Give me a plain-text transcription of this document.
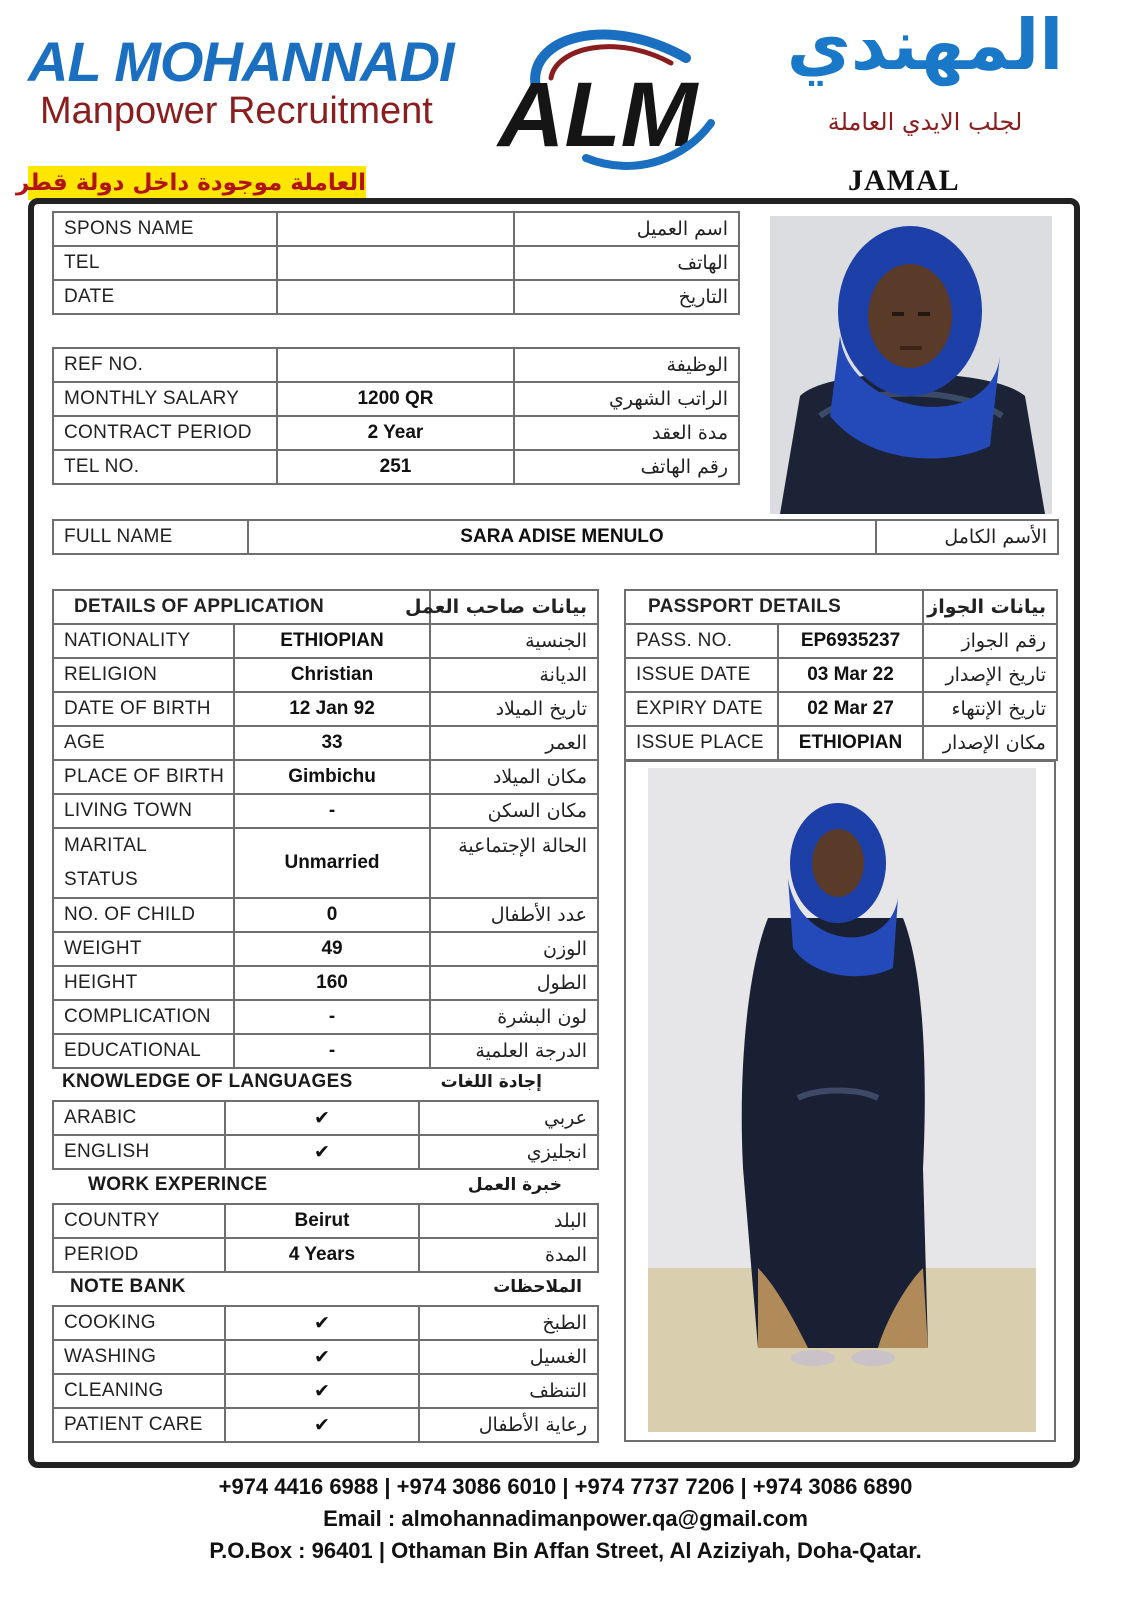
AL MOHANNADI
Manpower Recruitment ALM
المهندي
لجلب الايدي العاملة
العاملة موجودة داخل دولة قطر	JAMAL
SPONS NAME		اسم العميل
TEL		الهاتف
DATE		التاريخ
REF NO.		الوظيفة
MONTHLY SALARY	1200 QR	الراتب الشهري
CONTRACT PERIOD	2 Year	مدة العقد
TEL NO.	251	رقم الهاتف
FULL NAME	SARA ADISE MENULO	الأسم الكامل
DETAILS OF APPLICATION		بيانات صاحب العمل
NATIONALITY	ETHIOPIAN	الجنسية
RELIGION	Christian	الديانة
DATE OF BIRTH	12 Jan 92	تاريخ الميلاد
AGE	33	العمر
PLACE OF BIRTH	Gimbichu	مكان الميلاد
LIVING TOWN	-	مكان السكن
MARITAL
STATUS	Unmarried	الحالة الإجتماعية
NO. OF CHILD	0	عدد الأطفال
WEIGHT	49	الوزن
HEIGHT	160	الطول
COMPLICATION	-	لون البشرة
EDUCATIONAL	-	الدرجة العلمية
KNOWLEDGE OF LANGUAGES	إجادة اللغات
ARABIC	✔	عربي
ENGLISH	✔	انجليزي
WORK EXPERINCE	خبرة العمل
COUNTRY	Beirut	البلد
PERIOD	4 Years	المدة
NOTE BANK	الملاحظات
COOKING	✔	الطبخ
WASHING	✔	الغسيل
CLEANING	✔	التنظف
PATIENT CARE	✔	رعاية الأطفال
PASSPORT DETAILS		بيانات الجواز
PASS. NO.	EP6935237	رقم الجواز
ISSUE DATE	03 Mar 22	تاريخ الإصدار
EXPIRY DATE	02 Mar 27	تاريخ الإنتهاء
ISSUE PLACE	ETHIOPIAN	مكان الإصدار
+974 4416 6988 | +974 3086 6010 | +974 7737 7206 | +974 3086 6890
Email : almohannadimanpower.qa@gmail.com
P.O.Box : 96401 | Othaman Bin Affan Street, Al Aziziyah, Doha-Qatar.
